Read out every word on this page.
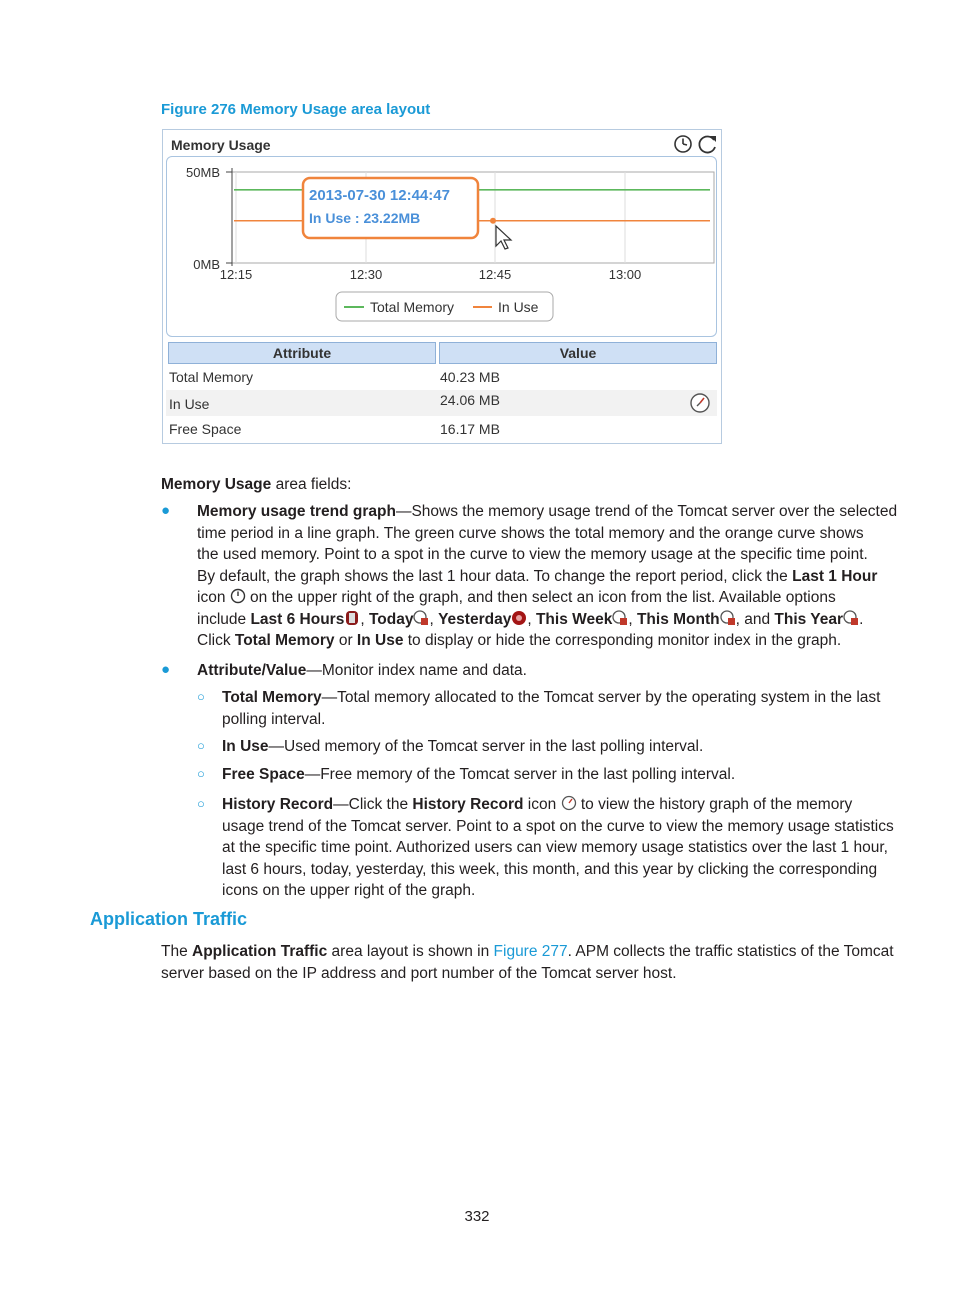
Figure 276 Memory Usage area layout
Memory Usage
50MB
0MB
12:15	12:30	12:45	13:00
2013-07-30 12:44:47
In Use : 23.22MB
Total Memory	In Use
Attribute	Value
Total Memory	40.23 MB
In Use	24.06 MB
Free Space	16.17 MB
Memory Usage area fields:
● Memory usage trend graph—Shows the memory usage trend of the Tomcat server over the selected
time period in a line graph. The green curve shows the total memory and the orange curve shows
the used memory. Point to a spot in the curve to view the memory usage at the specific time point.
By default, the graph shows the last 1 hour data. To change the report period, click the Last 1 Hour
icon  on the upper right of the graph, and then select an icon from the list. Available options
include Last 6 Hours , Today , Yesterday , This Week , This Month , and This Year .
Click Total Memory or In Use to display or hide the corresponding monitor index in the graph.
● Attribute/Value—Monitor index name and data.
○ Total Memory—Total memory allocated to the Tomcat server by the operating system in the last
polling interval.
○ In Use—Used memory of the Tomcat server in the last polling interval.
○ Free Space—Free memory of the Tomcat server in the last polling interval.
○ History Record—Click the History Record icon  to view the history graph of the memory
usage trend of the Tomcat server. Point to a spot on the curve to view the memory usage statistics
at the specific time point. Authorized users can view memory usage statistics over the last 1 hour,
last 6 hours, today, yesterday, this week, this month, and this year by clicking the corresponding
icons on the upper right of the graph.
Application Traffic
The Application Traffic area layout is shown in Figure 277. APM collects the traffic statistics of the Tomcat
server based on the IP address and port number of the Tomcat server host.
332
